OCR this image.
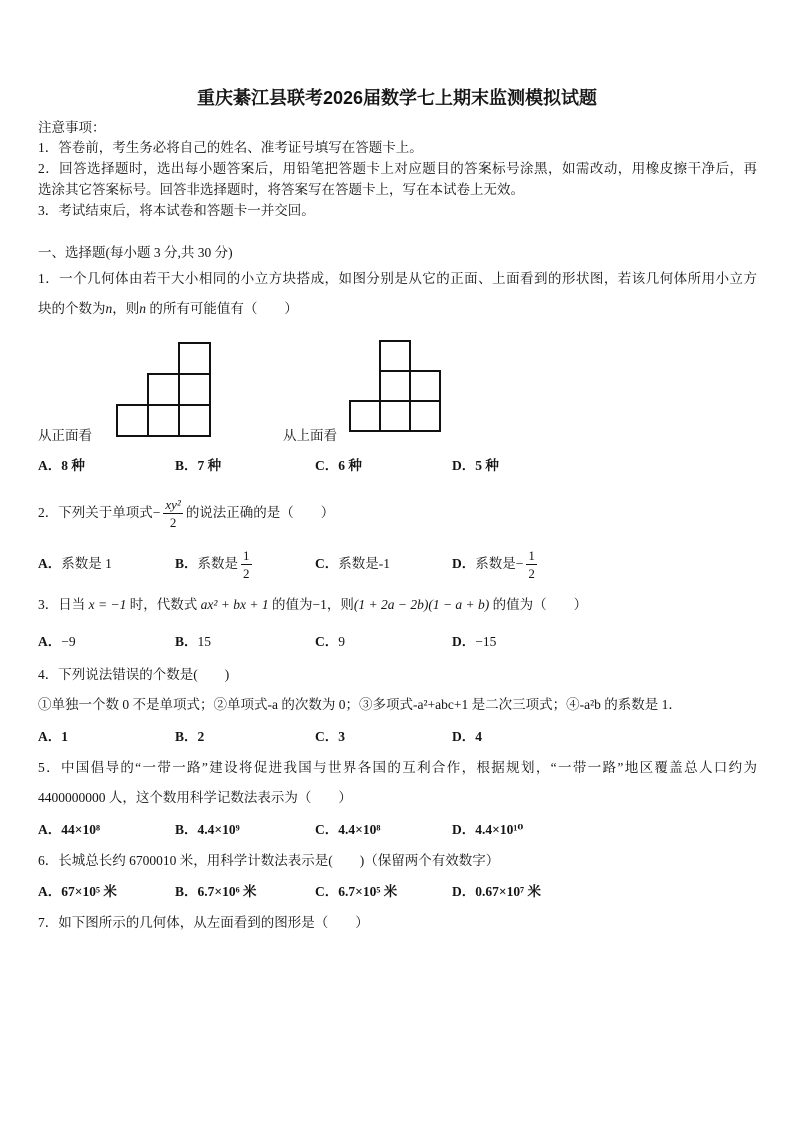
重庆綦江县联考2026届数学七上期末监测模拟试题
注意事项：
1．答卷前，考生务必将自己的姓名、准考证号填写在答题卡上。
2．回答选择题时，选出每小题答案后，用铅笔把答题卡上对应题目的答案标号涂黑，如需改动，用橡皮擦干净后，再
选涂其它答案标号。回答非选择题时，将答案写在答题卡上，写在本试卷上无效。
3．考试结束后，将本试卷和答题卡一并交回。
一、选择题(每小题 3 分,共 30 分)
1．一个几何体由若干大小相同的小立方块搭成，如图分别是从它的正面、上面看到的形状图，若该几何体所用小立方
块的个数为n，则n 的所有可能值有（　　）
从正面看	从上面看
A． 8 种	B． 7 种	C． 6 种	D． 5 种
2．下列关于单项式− $\frac{\text{xy²}}{2}$ 的说法正确的是（　　）
A． 系数是 1	B． 系数是 $\frac{1}{2}$	C． 系数是-1	D． 系数是− $\frac{1}{2}$
3．日当 x = −1 时，代数式 ax² + bx + 1 的值为−1，则(1 + 2a − 2b)(1 − a + b) 的值为（　　）
A． −9	B． 15	C． 9	D． −15
4．下列说法错误的个数是(　　)
①单独一个数 0 不是单项式；②单项式-a 的次数为 0；③多项式-a²+abc+1 是二次三项式；④-a²b 的系数是 1．
A． 1	B． 2	C． 3	D． 4
5．中国倡导的“一带一路”建设将促进我国与世界各国的互利合作，根据规划，“一带一路”地区覆盖总人口约为
4400000000 人，这个数用科学记数法表示为（　　）
A． 44×10⁸	B． 4.4×10⁹	C． 4.4×10⁸	D． 4.4×10¹⁰
6．长城总长约 6700010 米，用科学计数法表示是(　　)（保留两个有效数字）
A． 67×10⁵ 米	B． 6.7×10⁶ 米	C． 6.7×10⁵ 米	D． 0.67×10⁷ 米
7．如下图所示的几何体，从左面看到的图形是（　　）
